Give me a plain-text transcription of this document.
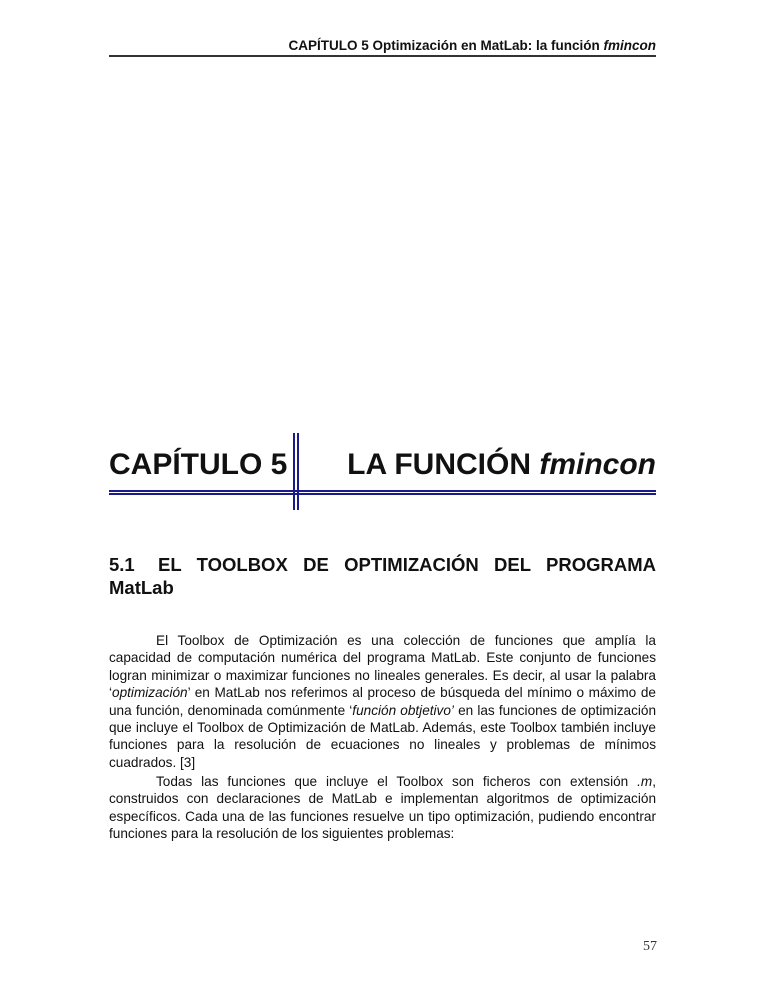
CAPÍTULO 5 Optimización en MatLab: la función fmincon
CAPÍTULO 5	LA FUNCIÓN fmincon
5.1 EL TOOLBOX DE OPTIMIZACIÓN DEL PROGRAMA MatLab
El Toolbox de Optimización es una colección de funciones que amplía la capacidad de computación numérica del programa MatLab. Este conjunto de funciones logran minimizar o maximizar funciones no lineales generales. Es decir, al usar la palabra ‘optimización’ en MatLab nos referimos al proceso de búsqueda del mínimo o máximo de una función, denominada comúnmente ‘función obtjetivo’ en las funciones de optimización que incluye el Toolbox de Optimización de MatLab. Además, este Toolbox también incluye funciones para la resolución de ecuaciones no lineales y problemas de mínimos cuadrados. [3]
Todas las funciones que incluye el Toolbox son ficheros con extensión .m, construidos con declaraciones de MatLab e implementan algoritmos de optimización específicos. Cada una de las funciones resuelve un tipo optimización, pudiendo encontrar funciones para la resolución de los siguientes problemas:
57
